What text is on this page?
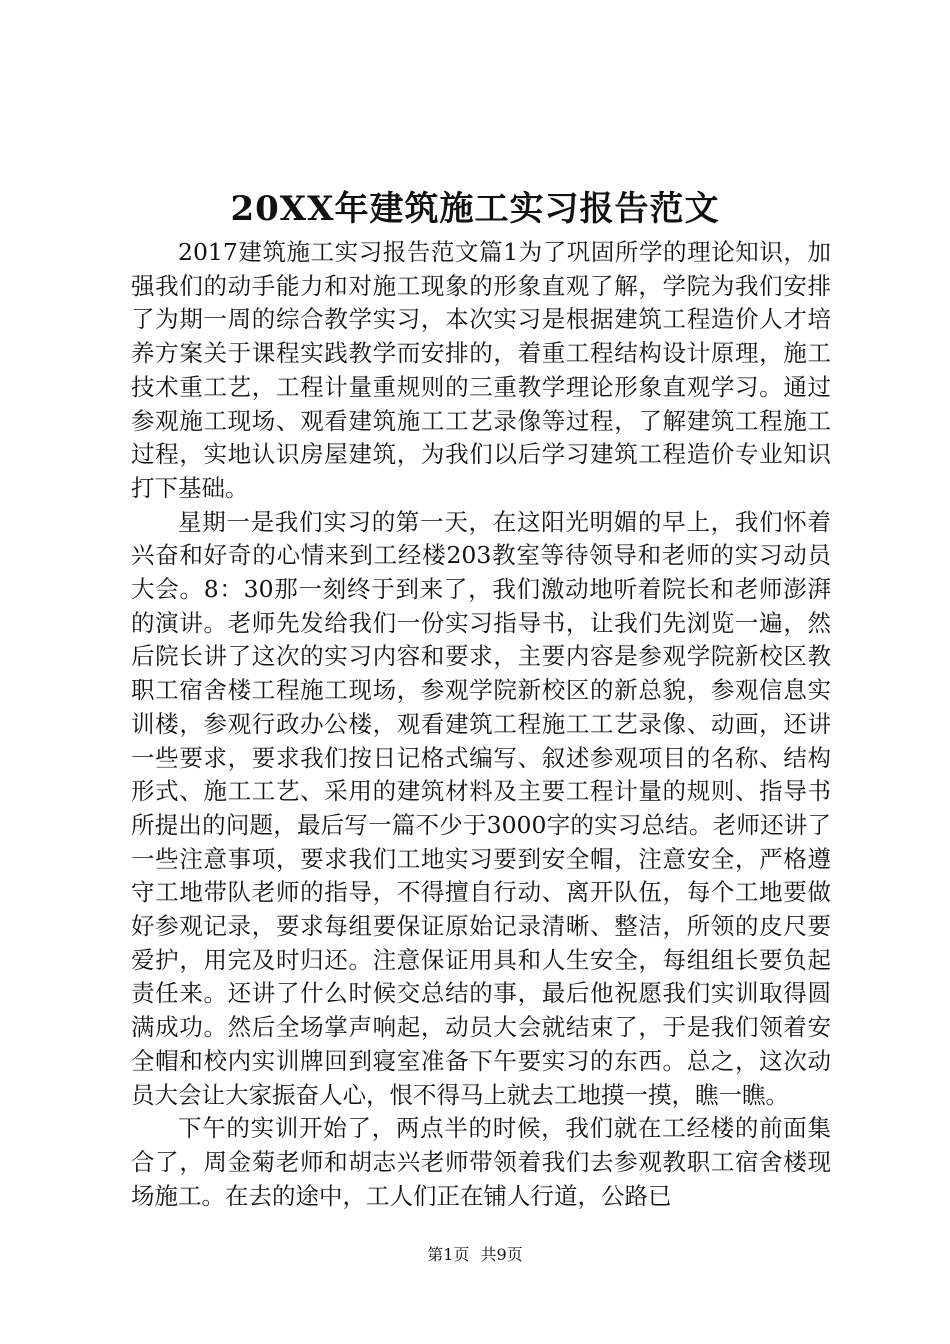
20XX年建筑施工实习报告范文

2017建筑施工实习报告范文篇1为了巩固所学的理论知识，加强我们的动手能力和对施工现象的形象直观了解，学院为我们安排了为期一周的综合教学实习，本次实习是根据建筑工程造价人才培养方案关于课程实践教学而安排的，着重工程结构设计原理，施工技术重工艺，工程计量重规则的三重教学理论形象直观学习。通过参观施工现场、观看建筑施工工艺录像等过程，了解建筑工程施工过程，实地认识房屋建筑，为我们以后学习建筑工程造价专业知识打下基础。

星期一是我们实习的第一天，在这阳光明媚的早上，我们怀着兴奋和好奇的心情来到工经楼203教室等待领导和老师的实习动员大会。8：30那一刻终于到来了，我们激动地听着院长和老师澎湃的演讲。老师先发给我们一份实习指导书，让我们先浏览一遍，然后院长讲了这次的实习内容和要求，主要内容是参观学院新校区教职工宿舍楼工程施工现场，参观学院新校区的新总貌，参观信息实训楼，参观行政办公楼，观看建筑工程施工工艺录像、动画，还讲一些要求，要求我们按日记格式编写、叙述参观项目的名称、结构形式、施工工艺、采用的建筑材料及主要工程计量的规则、指导书所提出的问题，最后写一篇不少于3000字的实习总结。老师还讲了一些注意事项，要求我们工地实习要到安全帽，注意安全，严格遵守工地带队老师的指导，不得擅自行动、离开队伍，每个工地要做好参观记录，要求每组要保证原始记录清晰、整洁，所领的皮尺要爱护，用完及时归还。注意保证用具和人生安全，每组组长要负起责任来。还讲了什么时候交总结的事，最后他祝愿我们实训取得圆满成功。然后全场掌声响起，动员大会就结束了，于是我们领着安全帽和校内实训牌回到寝室准备下午要实习的东西。总之，这次动员大会让大家振奋人心，恨不得马上就去工地摸一摸，瞧一瞧。

下午的实训开始了，两点半的时候，我们就在工经楼的前面集合了，周金菊老师和胡志兴老师带领着我们去参观教职工宿舍楼现场施工。在去的途中，工人们正在铺人行道，公路已

第1页 共9页
